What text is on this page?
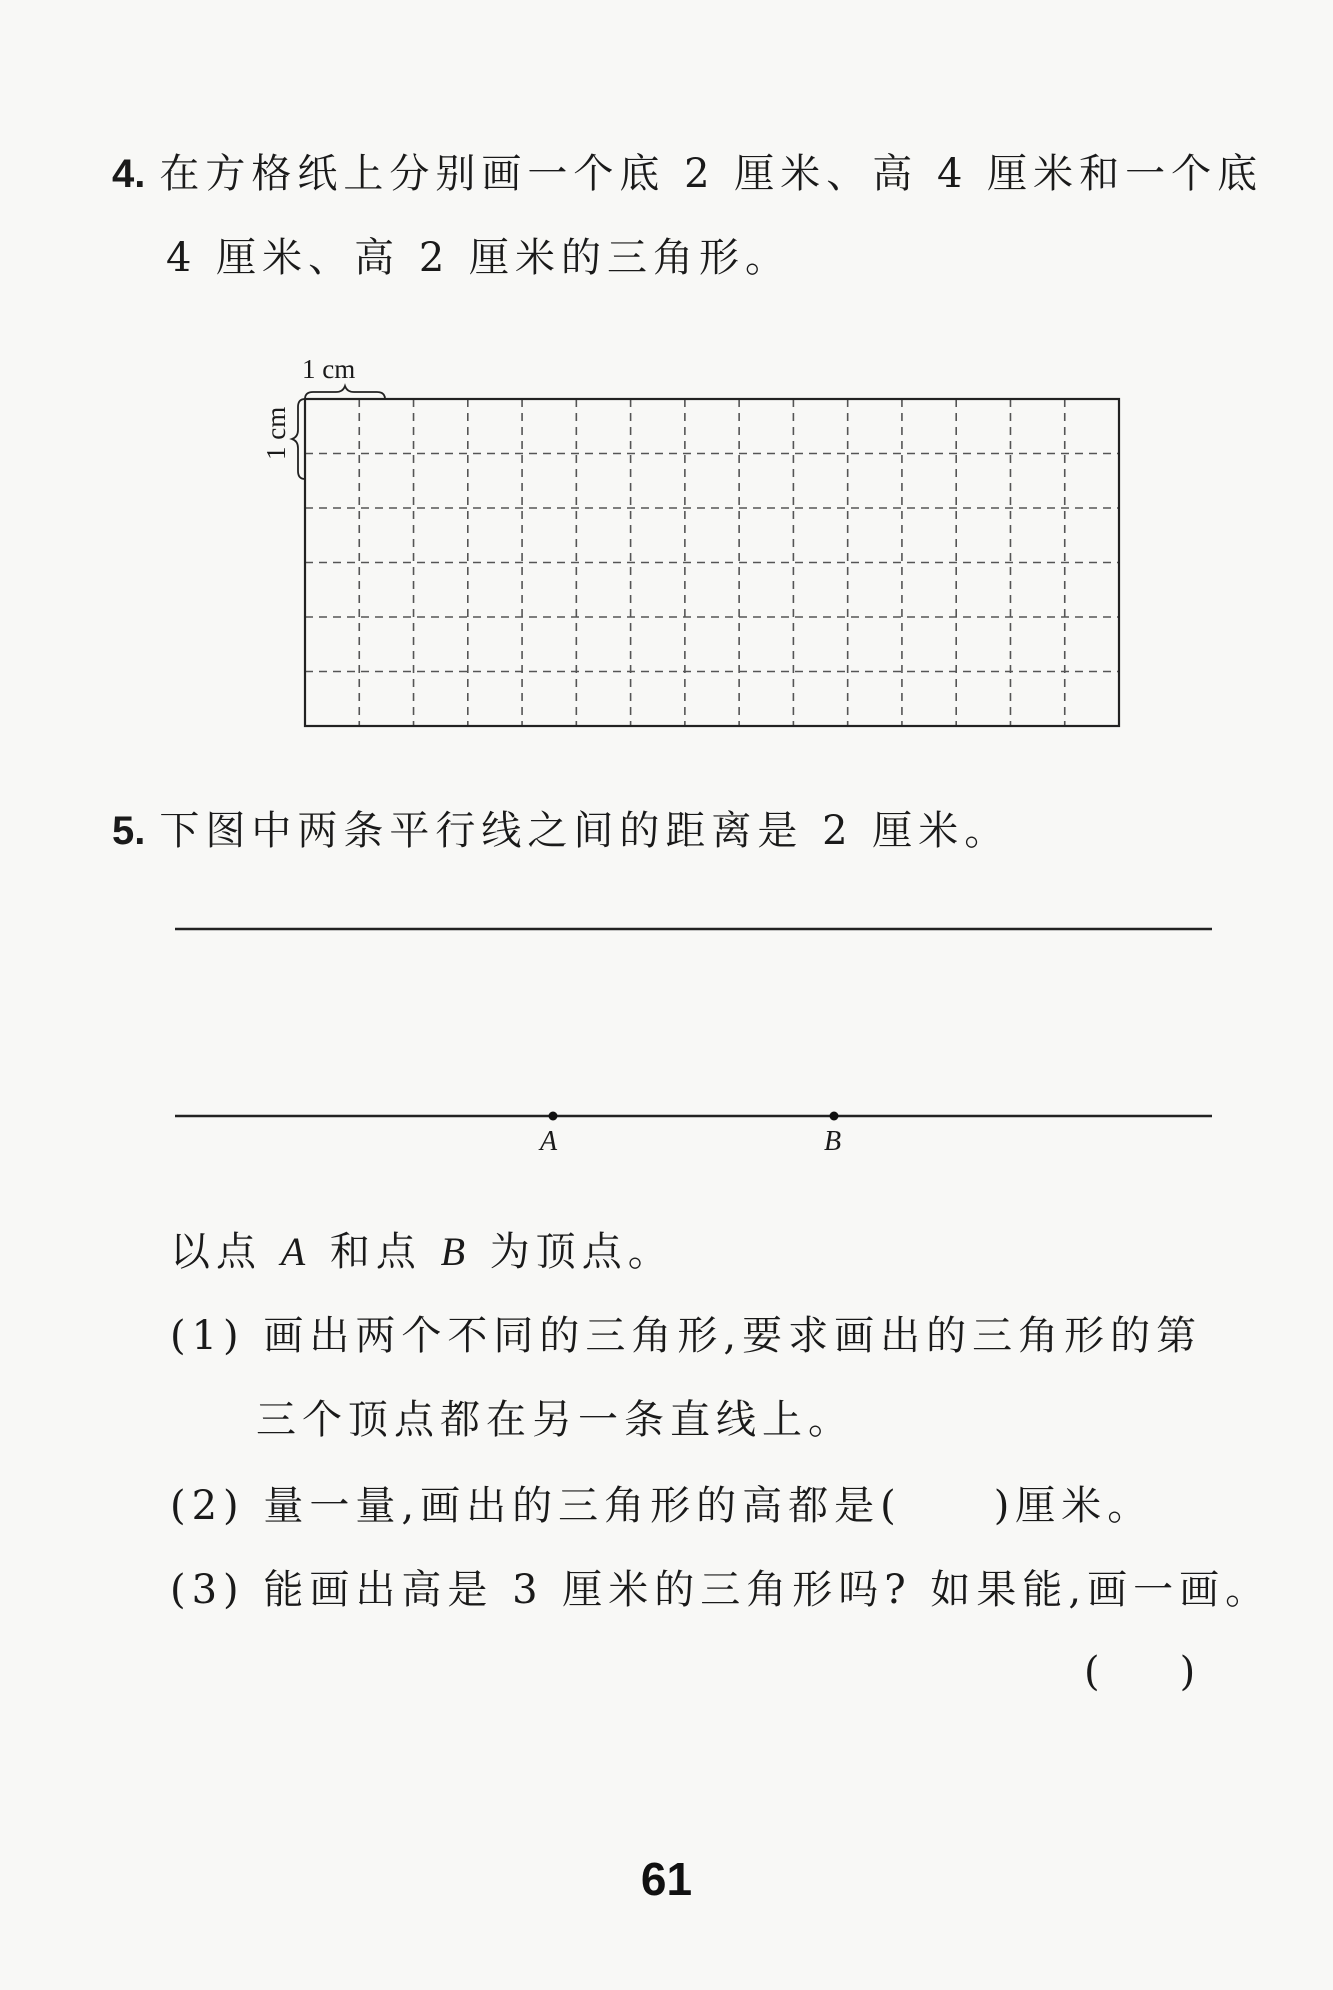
4. 在方格纸上分别画一个底 2 厘米、高 4 厘米和一个底
4 厘米、高 2 厘米的三角形。
1 cm
1 cm
A	B
5. 下图中两条平行线之间的距离是 2 厘米。
以点 A 和点 B 为顶点。
(1) 画出两个不同的三角形,要求画出的三角形的第
三个顶点都在另一条直线上。
(2) 量一量,画出的三角形的高都是(　　)厘米。
(3) 能画出高是 3 厘米的三角形吗? 如果能,画一画。
(　　)
61
